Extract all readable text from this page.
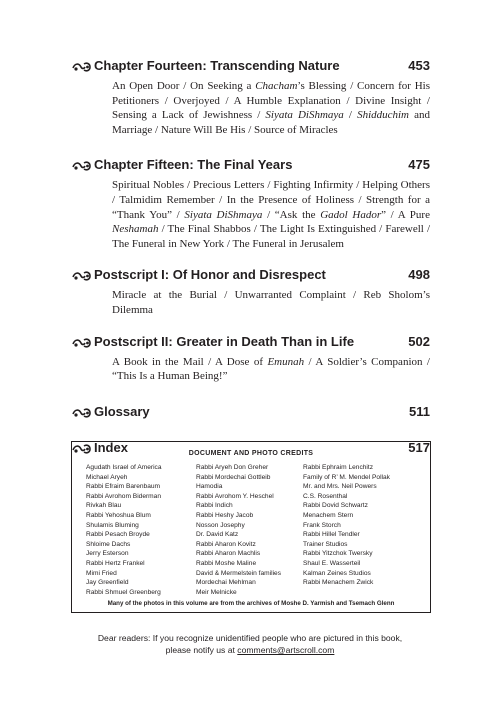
Chapter Fourteen: Transcending Nature	453
An Open Door / On Seeking a Chacham’s Blessing / Concern for His Petitioners / Overjoyed / A Humble Explanation / Divine Insight / Sensing a Lack of Jewishness / Siyata DiShmaya / Shidduchim and Marriage / Nature Will Be His / Source of Miracles
Chapter Fifteen: The Final Years	475
Spiritual Nobles / Precious Letters / Fighting Infirmity / Helping Others / Talmidim Remember / In the Presence of Holiness / Strength for a “Thank You” / Siyata DiShmaya / “Ask the Gadol Hador” / A Pure Neshamah / The Final Shabbos / The Light Is Extinguished / Farewell / The Funeral in New York / The Funeral in Jerusalem
Postscript I: Of Honor and Disrespect	498
Miracle at the Burial / Unwarranted Complaint / Reb Sholom’s Dilemma
Postscript II: Greater in Death Than in Life	502
A Book in the Mail / A Dose of Emunah / A Soldier’s Companion / “This Is a Human Being!”
Glossary	511
Index	517
DOCUMENT AND PHOTO CREDITS
Agudath Israel of America
Michael Aryeh
Rabbi Efraim Barenbaum
Rabbi Avrohom Biderman
Rivkah Blau
Rabbi Yehoshua Blum
Shulamis Bluming
Rabbi Pesach Broyde
Shloime Dachs
Jerry Esterson
Rabbi Hertz Frankel
Mimi Fried
Jay Greenfield
Rabbi Shmuel Greenberg
Rabbi Aryeh Don Greher
Rabbi Mordechai Gottleib
Hamodia
Rabbi Avrohom Y. Heschel
Rabbi Indich
Rabbi Heshy Jacob
Nosson Josephy
Dr. David Katz
Rabbi Aharon Kovitz
Rabbi Aharon Machlis
Rabbi Moshe Maline
David & Mermelstein families
Mordechai Mehlman
Meir Melnicke
Rabbi Ephraim Lenchitz
Family of R’ M. Mendel Pollak
Mr. and Mrs. Neil Powers
C.S. Rosenthal
Rabbi Dovid Schwartz
Menachem Stern
Frank Storch
Rabbi Hillel Tendler
Trainer Studios
Rabbi Yitzchok Twersky
Shaul E. Wasserteil
Kalman Zeines Studios
Rabbi Menachem Zwick
Many of the photos in this volume are from the archives of Moshe D. Yarmish and Tsemach Glenn
Dear readers: If you recognize unidentified people who are pictured in this book,
please notify us at comments@artscroll.com
